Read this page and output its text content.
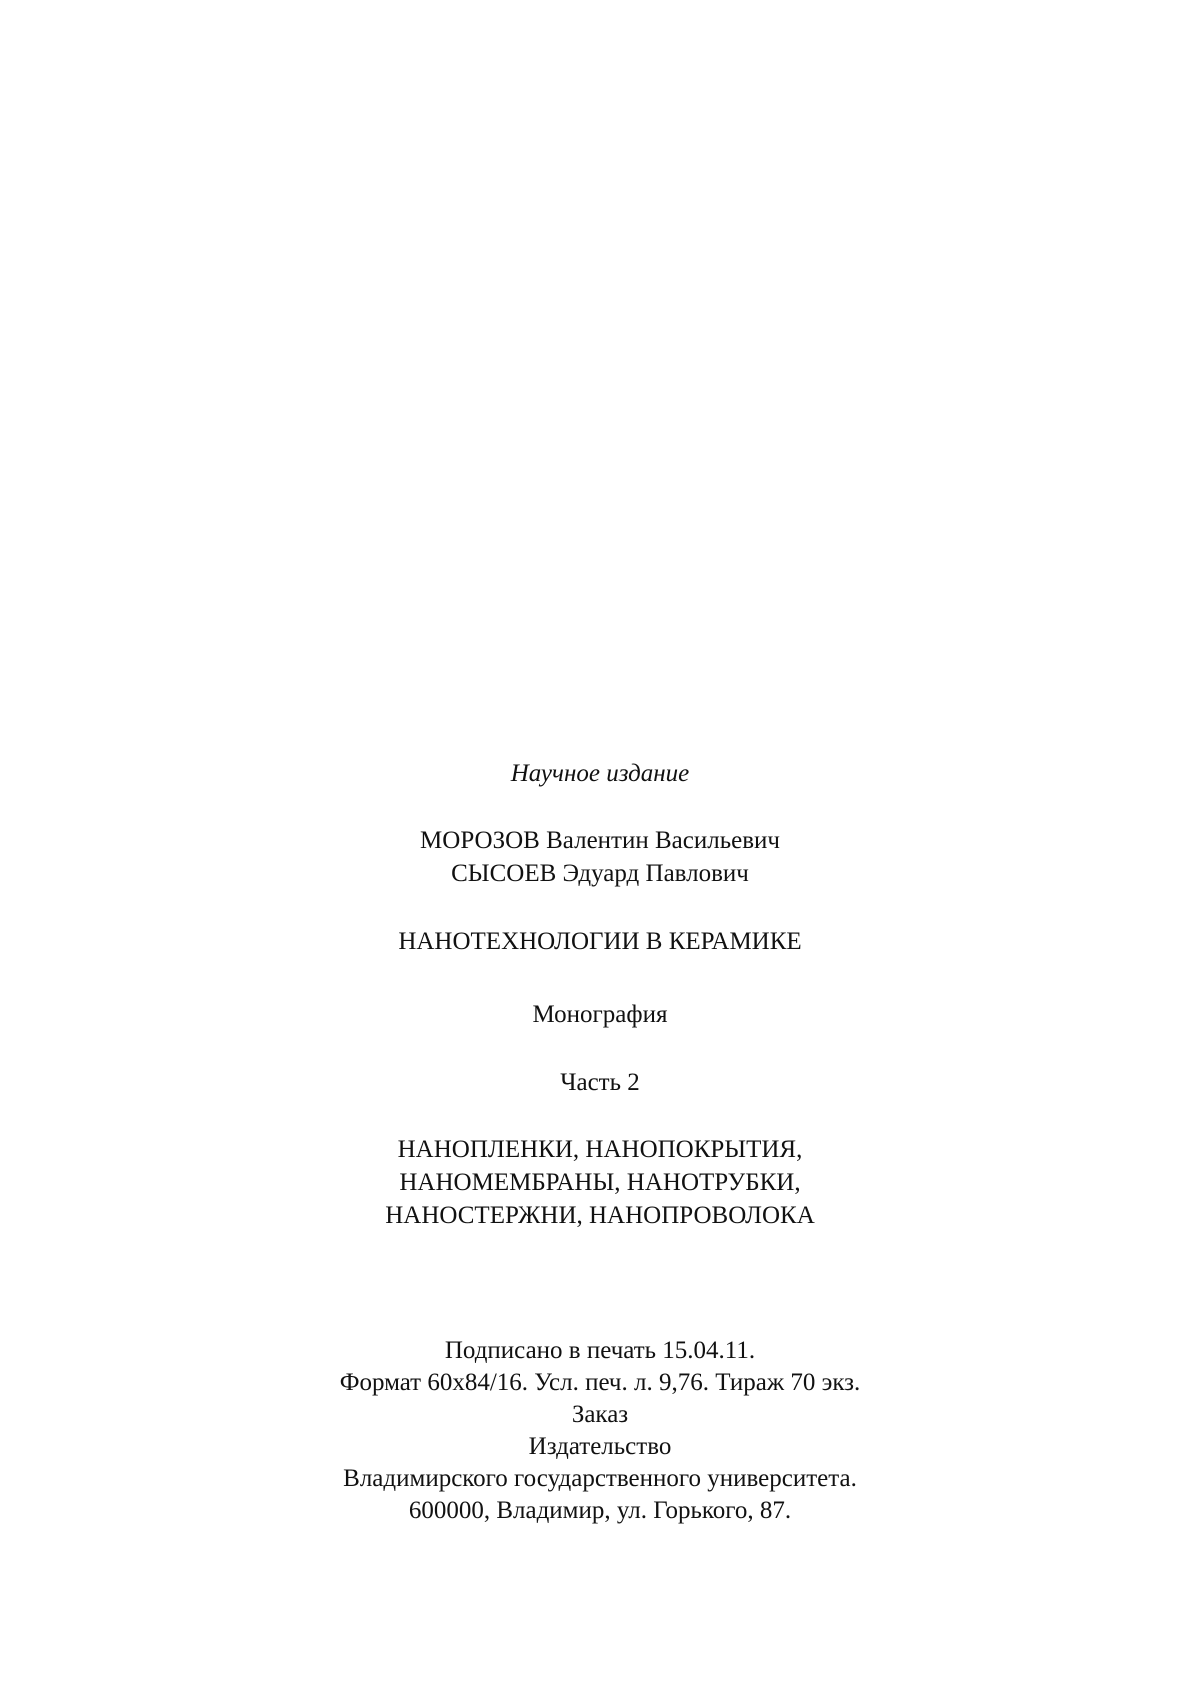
Научное издание
МОРОЗОВ Валентин Васильевич
СЫСОЕВ Эдуард Павлович
НАНОТЕХНОЛОГИИ В КЕРАМИКЕ
Монография
Часть 2
НАНОПЛЕНКИ, НАНОПОКРЫТИЯ,
НАНОМЕМБРАНЫ, НАНОТРУБКИ,
НАНОСТЕРЖНИ, НАНОПРОВОЛОКА
Подписано в печать 15.04.11.
Формат 60х84/16. Усл. печ. л. 9,76. Тираж 70 экз.
Заказ
Издательство
Владимирского государственного университета.
600000, Владимир, ул. Горького, 87.
